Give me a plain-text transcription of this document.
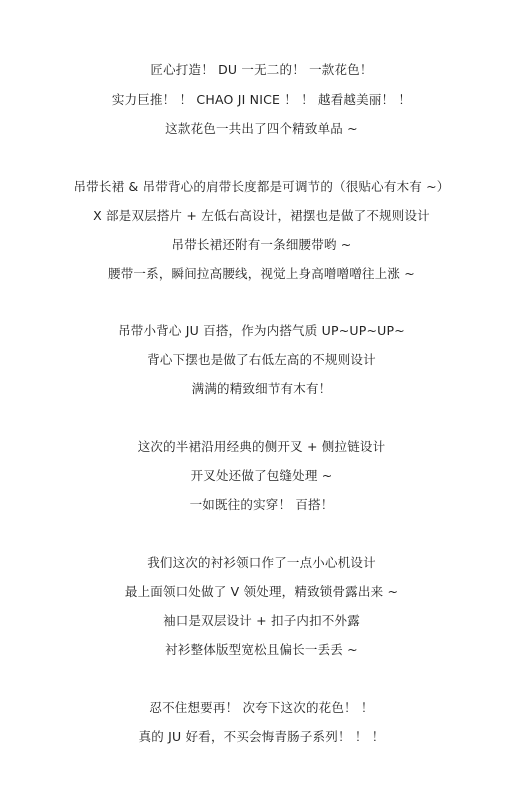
匠心打造！ DU 一无二的！ 一款花色！
实力巨推！ ！ CHAO JI NICE ！ ！ 越看越美丽！ ！
这款花色一共出了四个精致单品 ~
吊带长裙 & 吊带背心的肩带长度都是可调节的（很贴心有木有 ~）
X 部是双层搭片 + 左低右高设计，裙摆也是做了不规则设计
吊带长裙还附有一条细腰带哟 ~
腰带一系，瞬间拉高腰线，视觉上身高噌噌噌往上涨 ~
吊带小背心 JU 百搭，作为内搭气质 UP~UP~UP~
背心下摆也是做了右低左高的不规则设计
满满的精致细节有木有！
这次的半裙沿用经典的侧开叉 + 侧拉链设计
开叉处还做了包缝处理 ~
一如既往的实穿！ 百搭！
我们这次的衬衫领口作了一点小心机设计
最上面领口处做了 V 领处理，精致锁骨露出来 ~
袖口是双层设计 + 扣子内扣不外露
衬衫整体版型宽松且偏长一丢丢 ~
忍不住想要再！ 次夸下这次的花色！ ！
真的 JU 好看，不买会悔青肠子系列！ ！ ！
